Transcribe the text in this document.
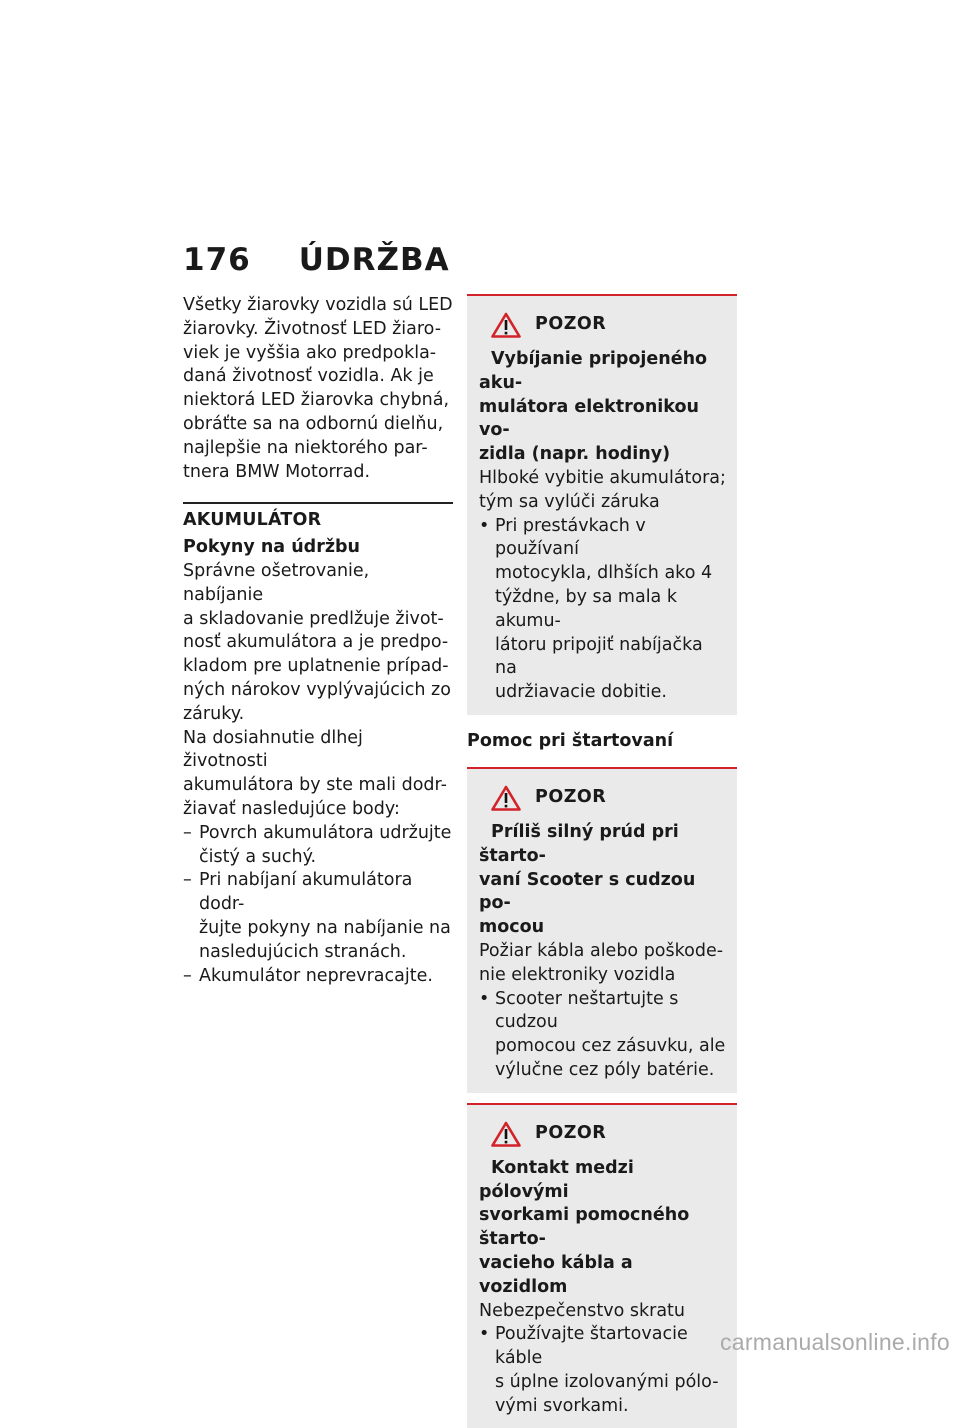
176 ÚDRŽBA

Všetky žiarovky vozidla sú LED
žiarovky. Životnosť LED žiaro-
viek je vyššia ako predpokla-
daná životnosť vozidla. Ak je
niektorá LED žiarovka chybná,
obráťte sa na odbornú dielňu,
najlepšie na niektorého par-
tnera BMW Motorrad.

AKUMULÁTOR
Pokyny na údržbu

Správne ošetrovanie, nabíjanie
a skladovanie predlžuje život-
nosť akumulátora a je predpo-
kladom pre uplatnenie prípad-
ných nárokov vyplývajúcich zo
záruky.

Na dosiahnutie dlhej životnosti
akumulátora by ste mali dodr-
žiavať nasledujúce body:

– Povrch akumulátora udržujte
čistý a suchý.
– Pri nabíjaní akumulátora dodr-
žujte pokyny na nabíjanie na
nasledujúcich stranách.
– Akumulátor neprevracajte.
POZOR
Vybíjanie pripojeného aku-
mulátora elektronikou vo-
zidla (napr. hodiny)
Hlboké vybitie akumulátora;
tým sa vylúči záruka
• Pri prestávkach v používaní
motocykla, dlhších ako 4
týždne, by sa mala k akumu-
látoru pripojiť nabíjačka na
udržiavacie dobitie.
Pomoc pri štartovaní
POZOR
Príliš silný prúd pri štarto-
vaní Scooter s cudzou po-
mocou
Požiar kábla alebo poškode-
nie elektroniky vozidla
• Scooter neštartujte s cudzou
pomocou cez zásuvku, ale
výlučne cez póly batérie.
POZOR
Kontakt medzi pólovými
svorkami pomocného štarto-
vacieho kábla a vozidlom
Nebezpečenstvo skratu
• Používajte štartovacie káble
s úplne izolovanými pólo-
vými svorkami.
carmanualsonline.info
